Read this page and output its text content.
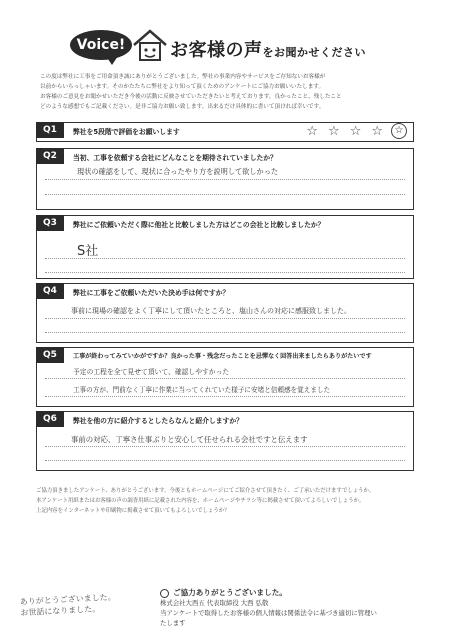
Voice!	お客様の声をお聞かせください

この度は弊社に工事をご用命頂き誠にありがとうございました。弊社の事業内容やサービスをご存知ないお客様が

以前からいらっしゃいます。そのかたたちに弊社をより知って頂くためのアンケートにご協力お願いいたします。

お客様のご意見をお聞かせいただき今後の活動に反映させていただきたいと考えております。良かったこと、残したこと

どのような感想でもご記載ください。是非ご協力お願い致します。出来るだけ具体的に書いて頂ければ幸いです。

Q1	弊社を5段階で評価をお願いします	☆ ☆ ☆ ☆	☆
Q2	当初、工事を依頼する会社にどんなことを期待されていましたか？
現状の確認をして、現状に合ったやり方を説明して欲しかった
Q3	弊社にご依頼いただく際に他社と比較しました方はどこの会社と比較しましたか？
S社
Q4	弊社に工事をご依頼いただいた決め手は何ですか？
事前に現場の確認をよく丁寧にして頂いたところと、塩山さんの対応に感服致しました。
Q5	工事が終わってみていかがですか？良かった事・残念だったことを忌憚なく回答出来ましたらありがたいです
予定の工程を全て見せて頂いて、確認しやすかった
工事の方が、門前なく丁寧に作業に当ってくれていた様子に安堵と信頼感を覚えました
Q6	弊社を他の方に紹介するとしたらなんと紹介しますか？
事前の対応、丁寧さ仕事ぶりと安心して任せられる会社ですと伝えます

ご協力頂きましたアンケート、ありがとうございます。今後ともホームページにてご紹介させて頂きたく、ご了承いただけますでしょうか。

本アンケート用紙またはお客様の声の調査用紙に記載された内容を、ホームページやチラシ等に掲載させて頂いてよろしいでしょうか。

上記内容をインターネットや印刷物に掲載させて頂いてもよろしいでしょうか？

ありがとうございました。
お世話になりました。
ご協力ありがとうございました。
株式会社大西五 代表取締役 大西 弘敬
当アンケートで取得したお客様の個人情報は関係法令に基づき適切に管理いたします
